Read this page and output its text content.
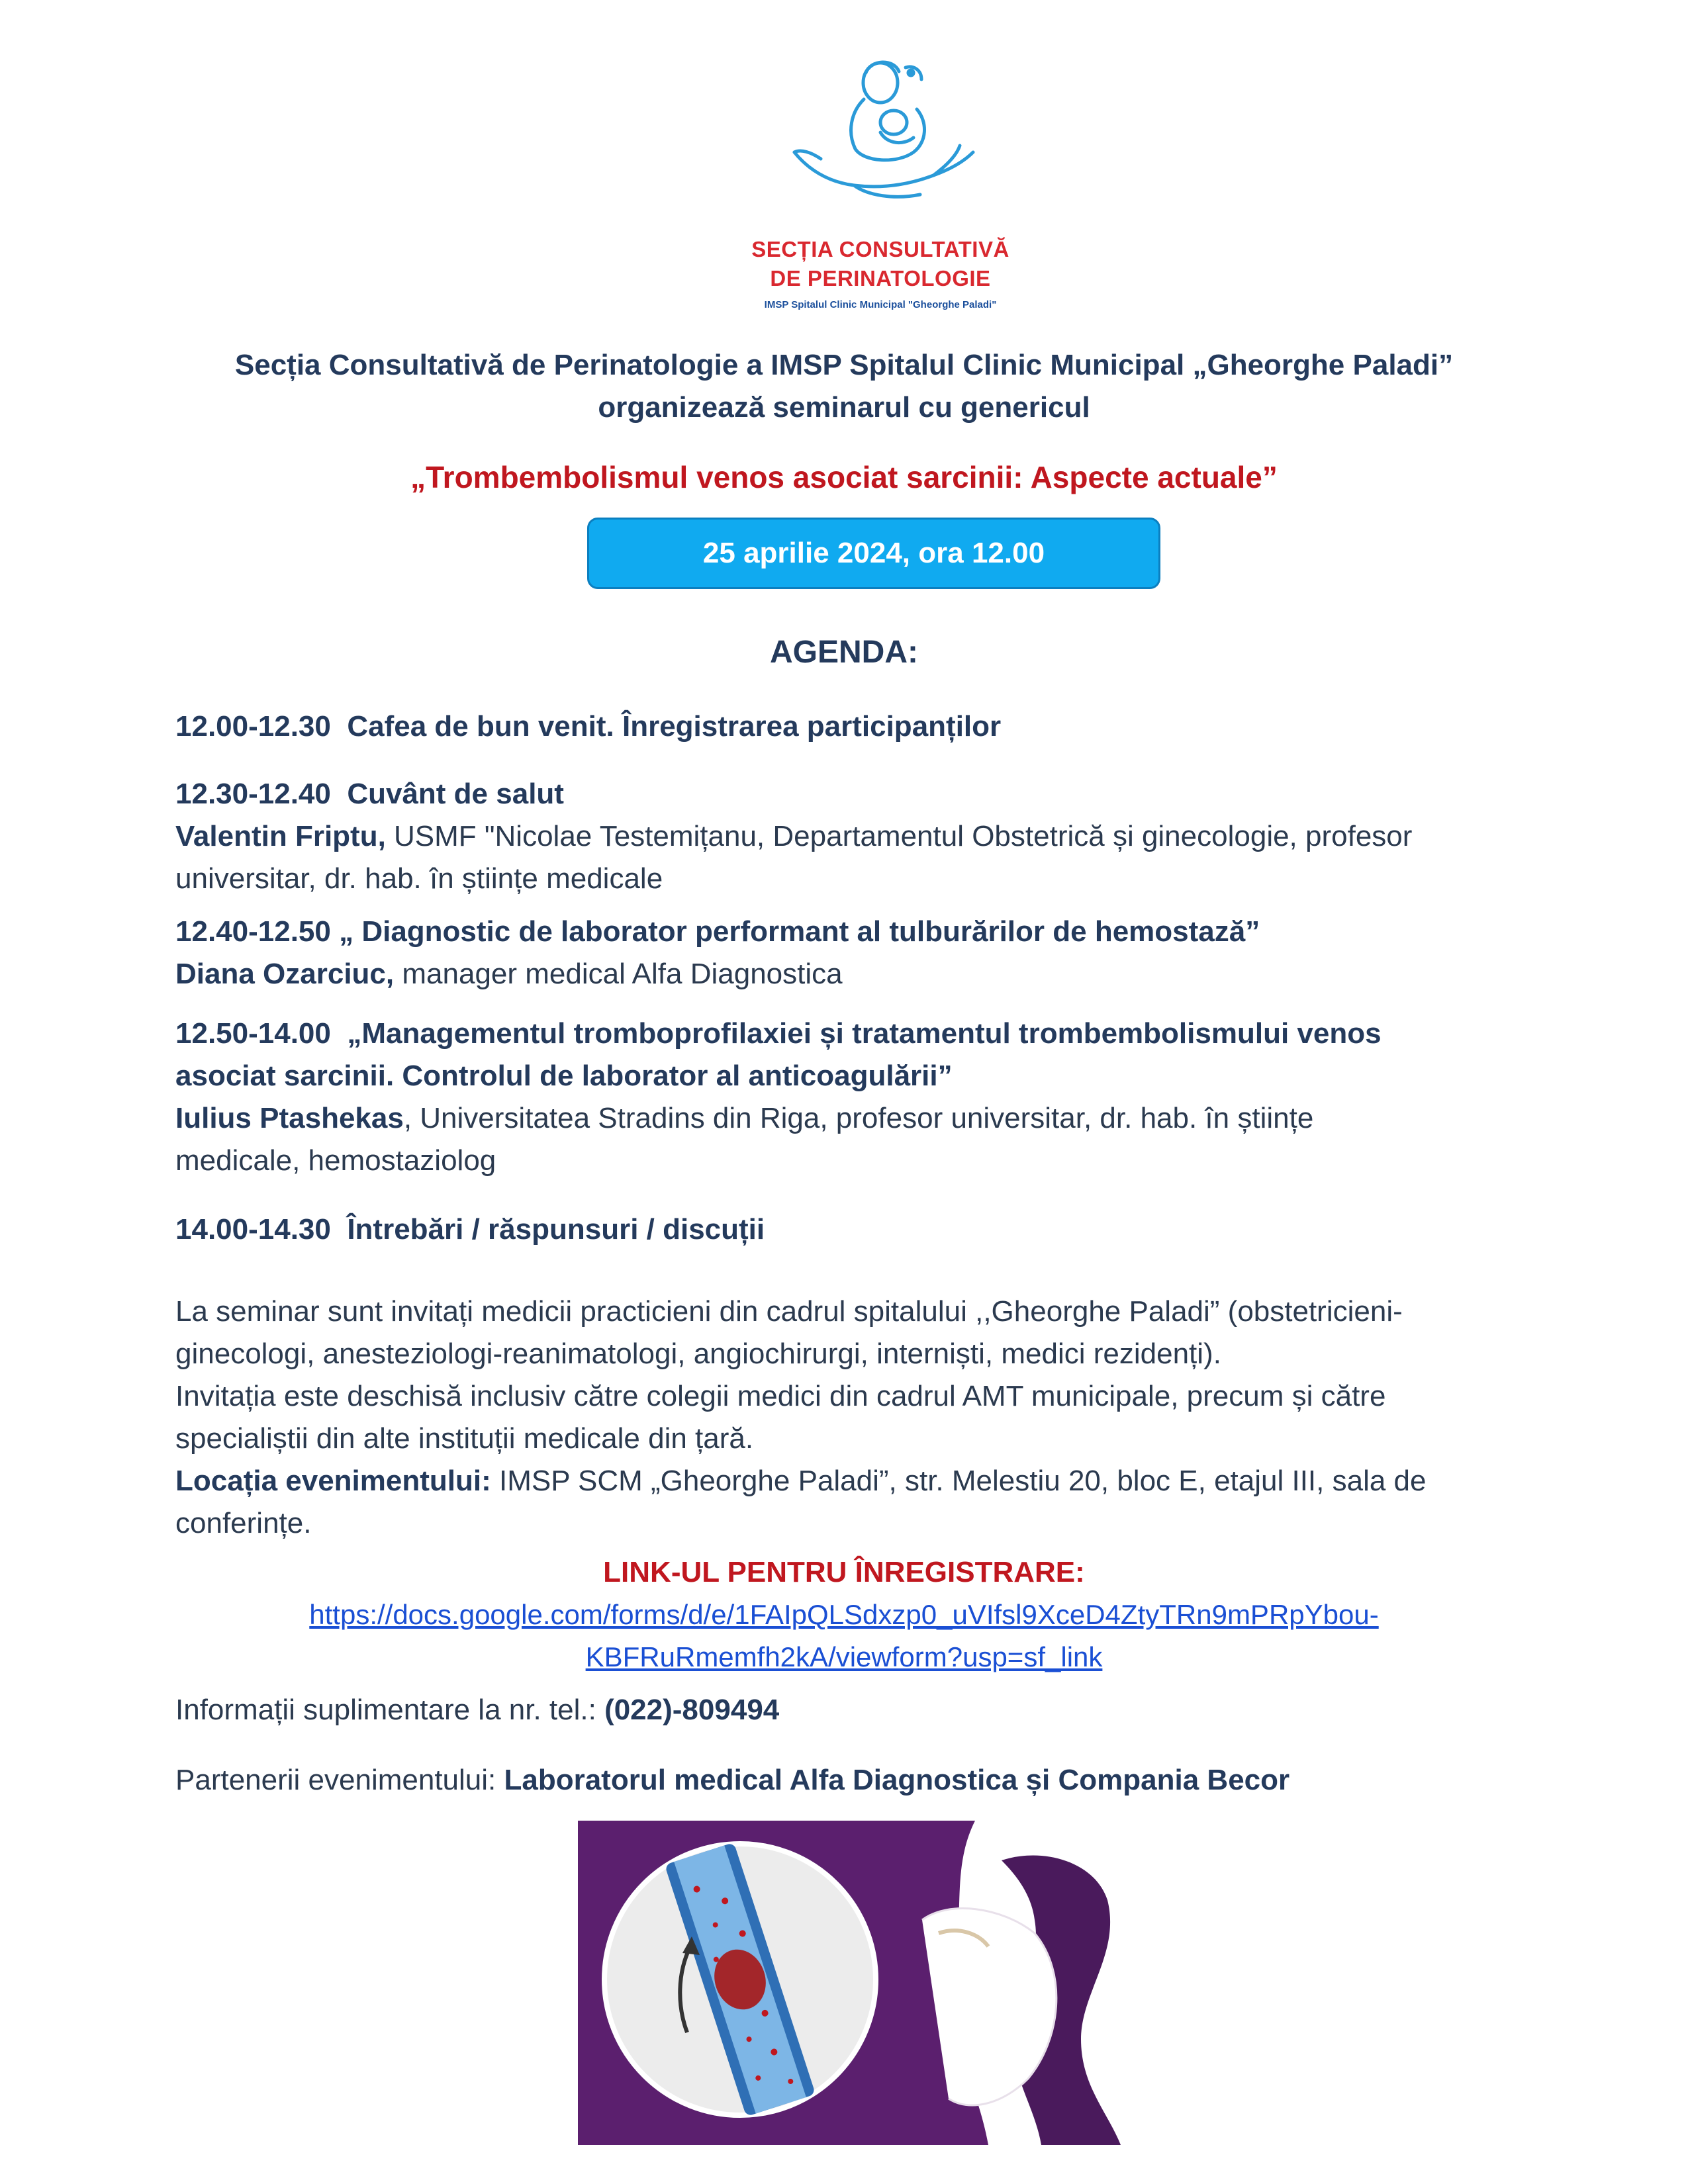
SECȚIA CONSULTATIVĂ
DE PERINATOLOGIE
IMSP Spitalul Clinic Municipal "Gheorghe Paladi"
Secția Consultativă de Perinatologie a IMSP Spitalul Clinic Municipal „Gheorghe Paladi”
organizează seminarul cu genericul
„Trombembolismul venos asociat sarcinii: Aspecte actuale”
25 aprilie 2024, ora 12.00
AGENDA:
12.00-12.30 Cafea de bun venit. Înregistrarea participanților
12.30-12.40 Cuvânt de salut
Valentin Friptu, USMF "Nicolae Testemițanu, Departamentul Obstetrică și ginecologie, profesor
universitar, dr. hab. în științe medicale
12.40-12.50 „ Diagnostic de laborator performant al tulburărilor de hemostază”
Diana Ozarciuc, manager medical Alfa Diagnostica
12.50-14.00 „Managementul tromboprofilaxiei și tratamentul trombembolismului venos
asociat sarcinii. Controlul de laborator al anticoagulării”
Iulius Ptashekas, Universitatea Stradins din Riga, profesor universitar, dr. hab. în științe
medicale, hemostaziolog
14.00-14.30 Întrebări / răspunsuri / discuții
La seminar sunt invitați medicii practicieni din cadrul spitalului ,,Gheorghe Paladi” (obstetricieni-
ginecologi, anesteziologi-reanimatologi, angiochirurgi, interniști, medici rezidenți).
Invitația este deschisă inclusiv către colegii medici din cadrul AMT municipale, precum și către
specialiștii din alte instituții medicale din țară.
Locația evenimentului: IMSP SCM „Gheorghe Paladi”, str. Melestiu 20, bloc E, etajul III, sala de
conferințe.
LINK-UL PENTRU ÎNREGISTRARE:
https://docs.google.com/forms/d/e/1FAIpQLSdxzp0_uVIfsl9XceD4ZtyTRn9mPRpYbou-
KBFRuRmemfh2kA/viewform?usp=sf_link
Informații suplimentare la nr. tel.: (022)-809494
Partenerii evenimentului: Laboratorul medical Alfa Diagnostica și Compania Becor
